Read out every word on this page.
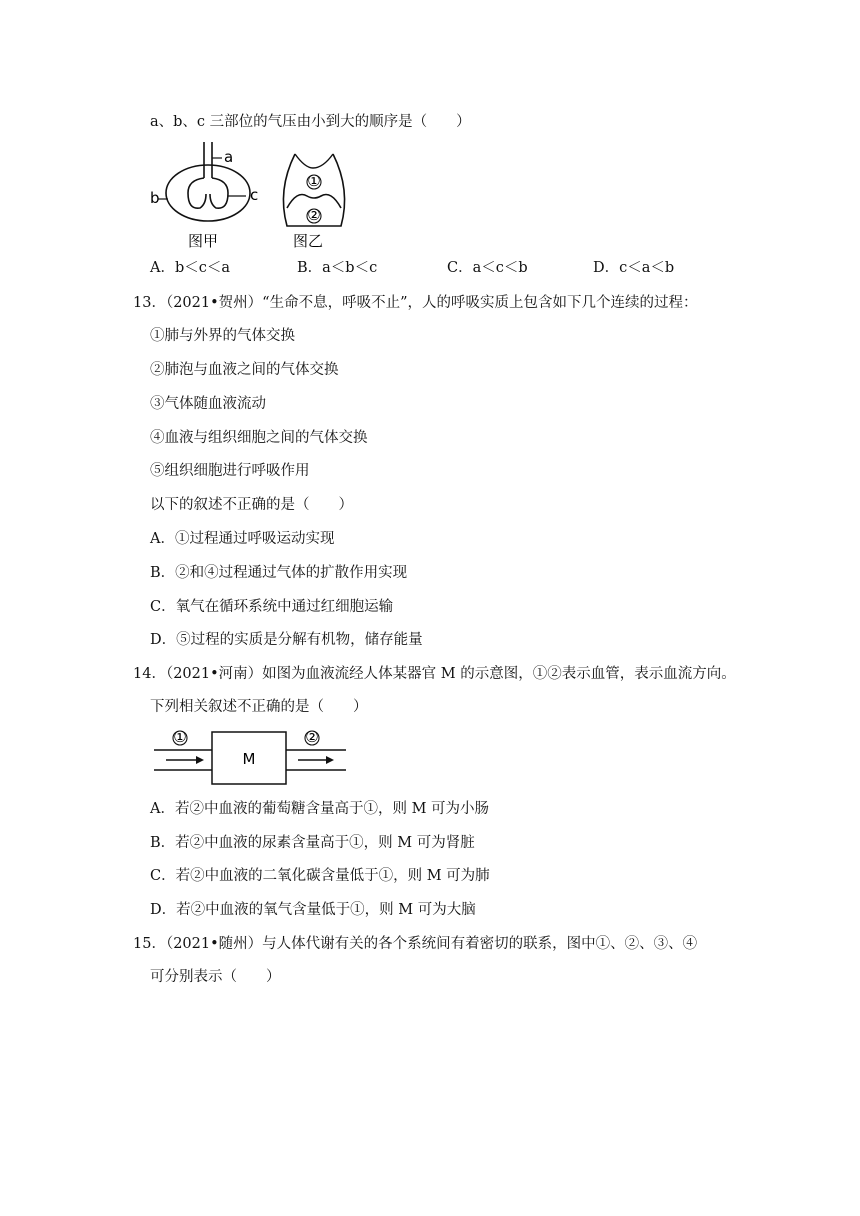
a、b、c 三部位的气压由小到大的顺序是（　　）
a
b	c
图甲
①
②
图乙
A．b＜c＜a	B．a＜b＜c	C．a＜c＜b	D．c＜a＜b
13．（2021•贺州）“生命不息，呼吸不止”，人的呼吸实质上包含如下几个连续的过程：
①肺与外界的气体交换
②肺泡与血液之间的气体交换
③气体随血液流动
④血液与组织细胞之间的气体交换
⑤组织细胞进行呼吸作用
以下的叙述不正确的是（　　）
A．①过程通过呼吸运动实现
B．②和④过程通过气体的扩散作用实现
C．氧气在循环系统中通过红细胞运输
D．⑤过程的实质是分解有机物，储存能量
14．（2021•河南）如图为血液流经人体某器官 M 的示意图，①②表示血管，表示血流方向。
下列相关叙述不正确的是（　　）
①
M
②
A．若②中血液的葡萄糖含量高于①，则 M 可为小肠
B．若②中血液的尿素含量高于①，则 M 可为肾脏
C．若②中血液的二氧化碳含量低于①，则 M 可为肺
D．若②中血液的氧气含量低于①，则 M 可为大脑
15．（2021•随州）与人体代谢有关的各个系统间有着密切的联系，图中①、②、③、④
可分别表示（　　）
